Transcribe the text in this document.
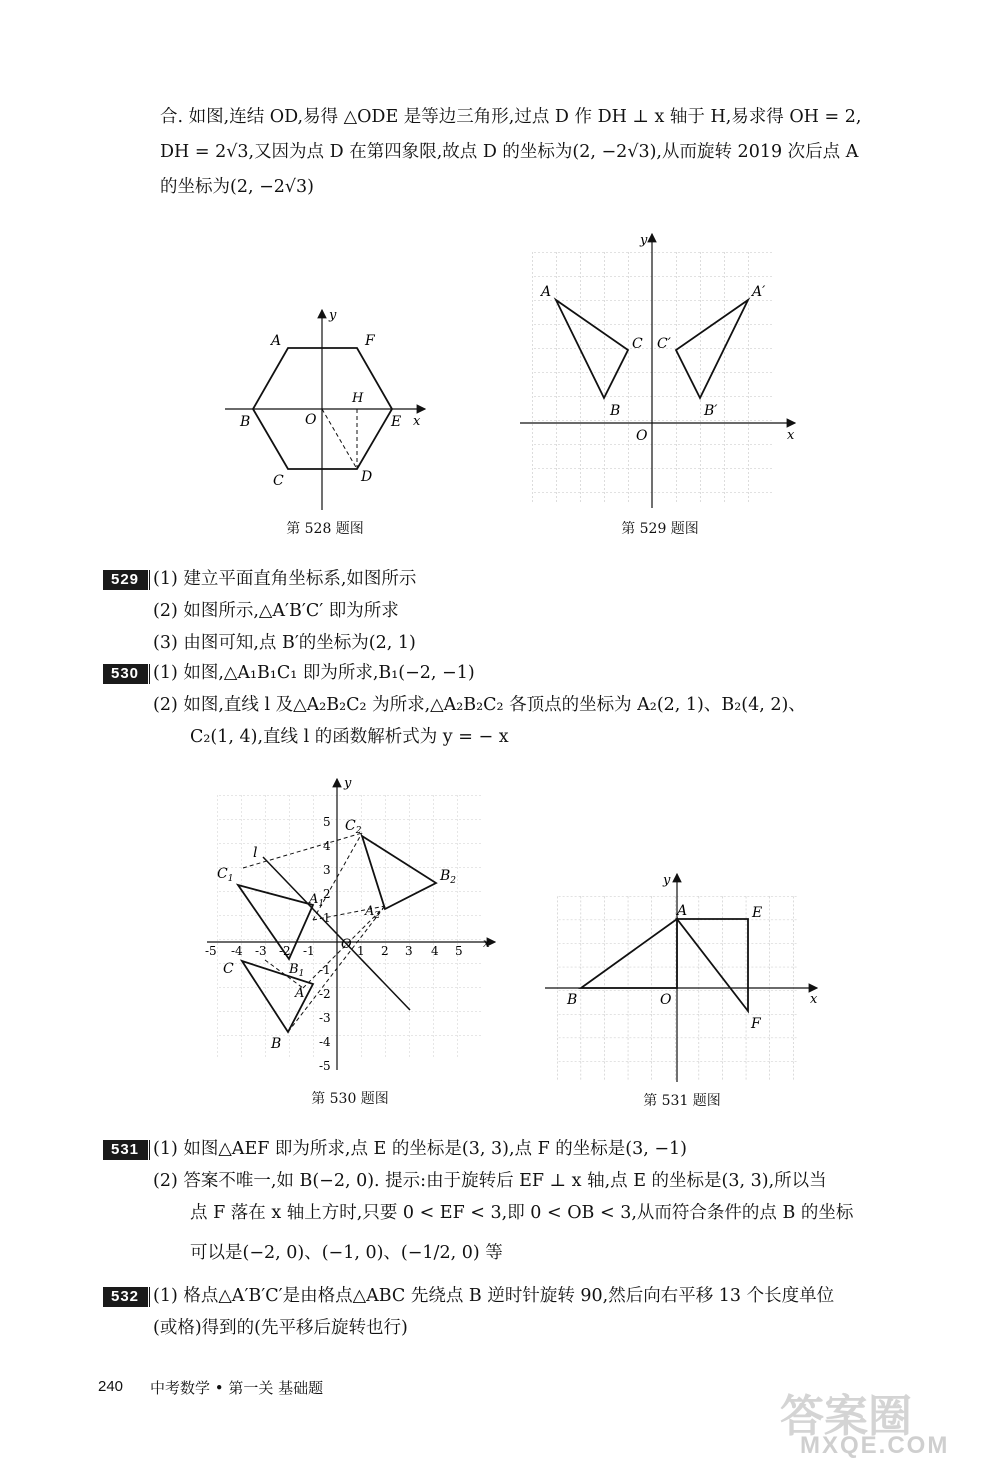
合. 如图,连结 OD,易得 △ODE 是等边三角形,过点 D 作 DH ⊥ x 轴于 H,易求得 OH = 2,
DH = 2√3,又因为点 D 在第四象限,故点 D 的坐标为(2, −2√3),从而旋转 2019 次后点 A
的坐标为(2, −2√3)
A	F
B	E
O
H
C	D
x
y
第 528 题图
A
C
B
A′
C′
B′
O	x
y
第 529 题图
529 (1) 建立平面直角坐标系,如图所示
(2) 如图所示,△A′B′C′ 即为所求
(3) 由图可知,点 B′的坐标为(2, 1)
530 (1) 如图,△A₁B₁C₁ 即为所求,B₁(−2, −1)
(2) 如图,直线 l 及△A₂B₂C₂ 为所求,△A₂B₂C₂ 各顶点的坐标为 A₂(2, 1)、B₂(4, 2)、
C₂(1, 4),直线 l 的函数解析式为 y = − x
-5 -4 -3 -2 -1	1 2 3 4 5
5
4
3
2
1
-1
-2
-3
-4
-5
$C_2$
$B_2$
$A_2$
$C_1$
$A_1$
$B_1$
l
C
A
B
O	x
y
第 530 题图
A	E
B	O
F
x
y
第 531 题图
531 (1) 如图△AEF 即为所求,点 E 的坐标是(3, 3),点 F 的坐标是(3, −1)
(2) 答案不唯一,如 B(−2, 0). 提示:由于旋转后 EF ⊥ x 轴,点 E 的坐标是(3, 3),所以当
点 F 落在 x 轴上方时,只要 0 < EF < 3,即 0 < OB < 3,从而符合条件的点 B 的坐标
可以是(−2, 0)、(−1, 0)、(−1/2, 0) 等
532 (1) 格点△A′B′C′是由格点△ABC 先绕点 B 逆时针旋转 90,然后向右平移 13 个长度单位
(或格)得到的(先平移后旋转也行)
240 中考数学 • 第一关 基础题
答案圈
MXQE.COM
